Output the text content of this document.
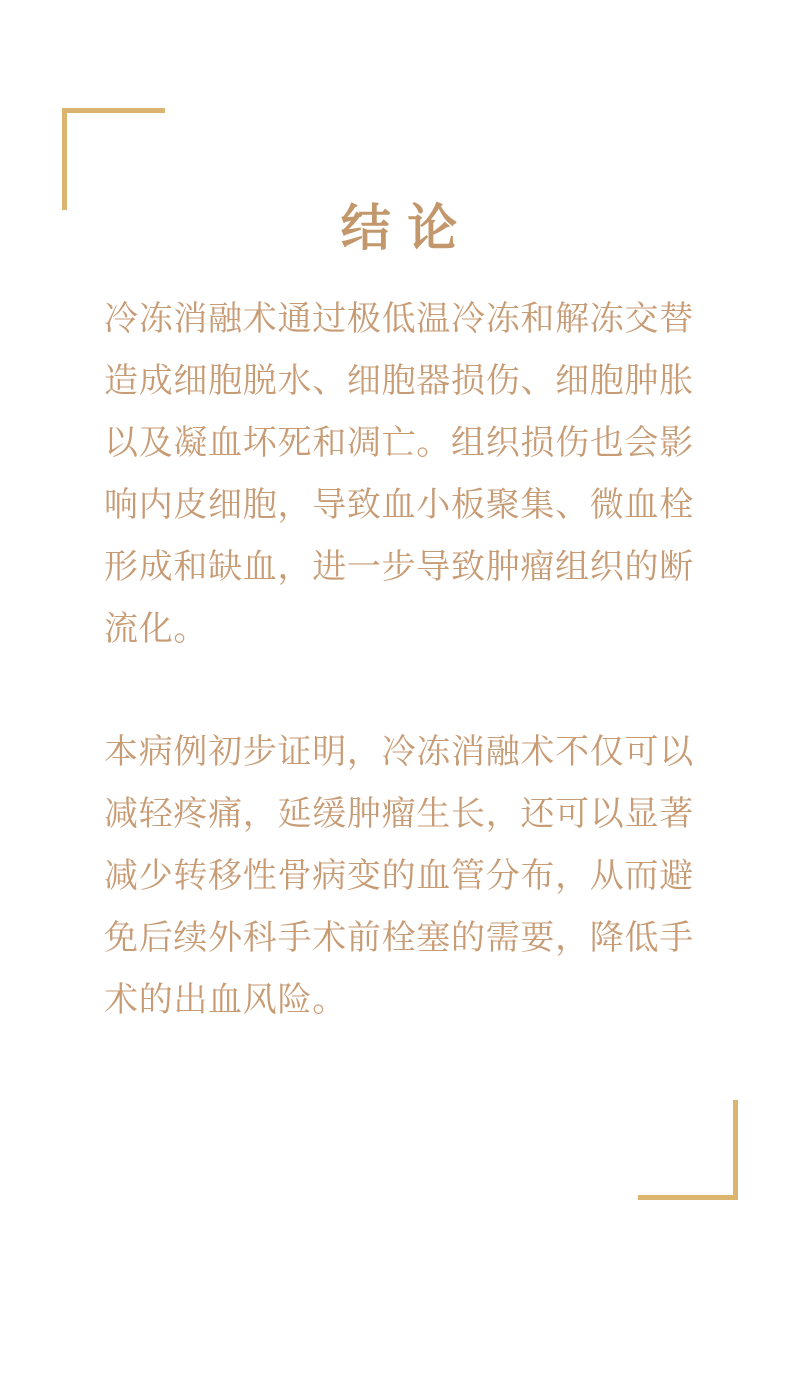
结 论
冷冻消融术通过极低温冷冻和解冻交替
造成细胞脱水、细胞器损伤、细胞肿胀
以及凝血坏死和凋亡。组织损伤也会影
响内皮细胞，导致血小板聚集、微血栓
形成和缺血，进一步导致肿瘤组织的断
流化。
本病例初步证明，冷冻消融术不仅可以
减轻疼痛，延缓肿瘤生长，还可以显著
减少转移性骨病变的血管分布，从而避
免后续外科手术前栓塞的需要，降低手
术的出血风险。
